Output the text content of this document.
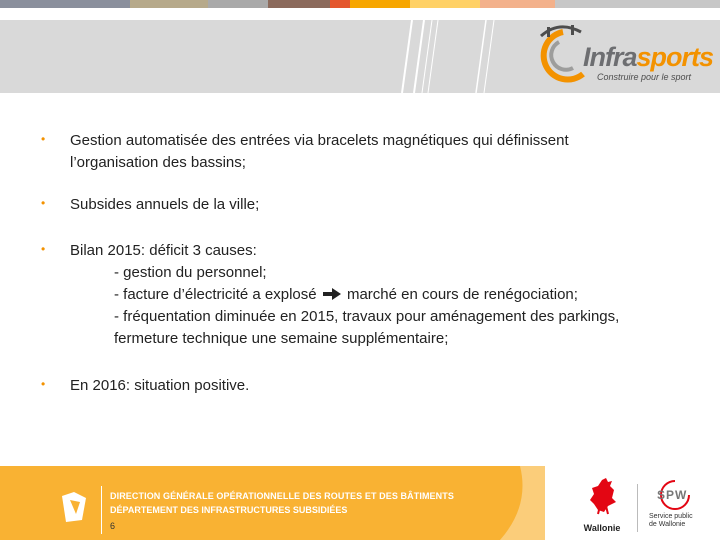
Infrasports
Construire pour le sport
• Gestion automatisée des entrées via bracelets magnétiques qui définissent
l’organisation des bassins;
• Subsides annuels de la ville;
• Bilan 2015: déficit 3 causes:
- gestion du personnel;
- facture d’électricité a explosé marché en cours de renégociation;
- fréquentation diminuée en 2015, travaux pour aménagement des parkings,
fermeture technique une semaine supplémentaire;
• En 2016: situation positive.
DIRECTION GÉNÉRALE OPÉRATIONNELLE DES ROUTES ET DES BÂTIMENTS
DÉPARTEMENT DES INFRASTRUCTURES SUBSIDIÉES
6	Wallonie
SPW
Service public
de Wallonie
